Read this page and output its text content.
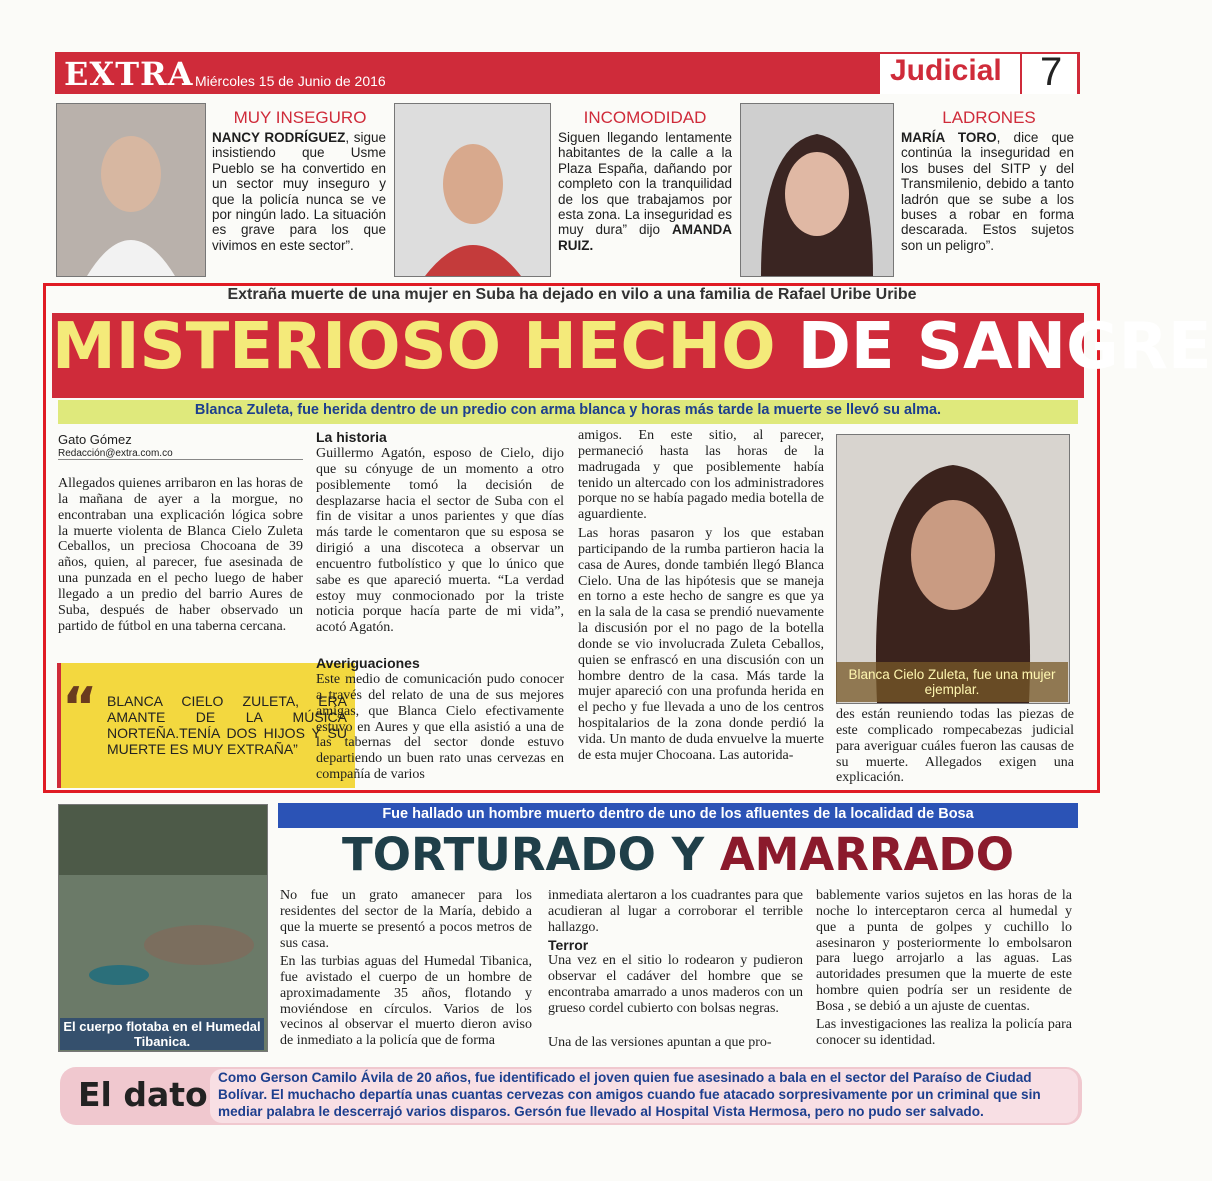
EXTRA Miércoles 15 de Junio de 2016	Judicial 7
MUY INSEGURO
NANCY RODRÍGUEZ, sigue insistiendo que Usme Pueblo se ha convertido en un sector muy inseguro y que la policía nunca se ve por ningún lado. La situación es grave para los que vivimos en este sector”.
INCOMODIDAD
Siguen llegando lentamente habitantes de la calle a la Plaza España, dañando por completo con la tranquilidad de los que trabajamos por esta zona. La inseguridad es muy dura” dijo AMANDA RUIZ.
LADRONES
MARÍA TORO, dice que continúa la inseguridad en los buses del SITP y del Transmilenio, debido a tanto ladrón que se sube a los buses a robar en forma descarada. Estos sujetos son un peligro”.
Extraña muerte de una mujer en Suba ha dejado en vilo a una familia de Rafael Uribe Uribe
MISTERIOSO HECHO DE SANGRE
Blanca Zuleta, fue herida dentro de un predio con arma blanca y horas más tarde la muerte se llevó su alma.
Gato Gómez
Redacción@extra.com.co
Allegados quienes arribaron en las horas de la mañana de ayer a la morgue, no encontraban una explicación lógica sobre la muerte violenta de Blanca Cielo Zuleta Ceballos, un preciosa Chocoana de 39 años, quien, al parecer, fue asesinada de una punzada en el pecho luego de haber llegado a un predio del barrio Aures de Suba, después de haber observado un partido de fútbol en una taberna cercana.
“ BLANCA CIELO ZULETA, ERA AMANTE DE LA MÚSICA NORTEÑA.TENÍA DOS HIJOS Y SU MUERTE ES MUY EXTRAÑA”
La historia
Guillermo Agatón, esposo de Cielo, dijo que su cónyuge de un momento a otro posiblemente tomó la decisión de desplazarse hacia el sector de Suba con el fin de visitar a unos parientes y que días más tarde le comentaron que su esposa se dirigió a una discoteca a observar un encuentro futbolístico y que lo único que sabe es que apareció muerta. “La verdad estoy muy conmocionado por la triste noticia porque hacía parte de mi vida”, acotó Agatón.
Averiguaciones
Este medio de comunicación pudo conocer a través del relato de una de sus mejores amigas, que Blanca Cielo efectivamente estuvo en Aures y que ella asistió a una de las tabernas del sector donde estuvo departiendo un buen rato unas cervezas en compañía de varios
amigos. En este sitio, al parecer, permaneció hasta las horas de la madrugada y que posiblemente había tenido un altercado con los administradores porque no se había pagado media botella de aguardiente.
Las horas pasaron y los que estaban participando de la rumba partieron hacia la casa de Aures, donde también llegó Blanca Cielo. Una de las hipótesis que se maneja en torno a este hecho de sangre es que ya en la sala de la casa se prendió nuevamente la discusión por el no pago de la botella donde se vio involucrada Zuleta Ceballos, quien se enfrascó en una discusión con un hombre dentro de la casa. Más tarde la mujer apareció con una profunda herida en el pecho y fue llevada a uno de los centros hospitalarios de la zona donde perdió la vida. Un manto de duda envuelve la muerte de esta mujer Chocoana. Las autorida-
Blanca Cielo Zuleta, fue una mujer ejemplar.
des están reuniendo todas las piezas de este complicado rompecabezas judicial para averiguar cuáles fueron las causas de su muerte. Allegados exigen una explicación.
El cuerpo flotaba en el Humedal Tibanica.
Fue hallado un hombre muerto dentro de uno de los afluentes de la localidad de Bosa
TORTURADO Y AMARRADO
No fue un grato amanecer para los residentes del sector de la María, debido a que la muerte se presentó a pocos metros de sus casa.
En las turbias aguas del Humedal Tibanica, fue avistado el cuerpo de un hombre de aproximadamente 35 años, flotando y moviéndose en círculos. Varios de los vecinos al observar el muerto dieron aviso de inmediato a la policía que de forma
inmediata alertaron a los cuadrantes para que acudieran al lugar a corroborar el terrible hallazgo.
Terror
Una vez en el sitio lo rodearon y pudieron observar el cadáver del hombre que se encontraba amarrado a unos maderos con un grueso cordel cubierto con bolsas negras.
Una de las versiones apuntan a que pro-
bablemente varios sujetos en las horas de la noche lo interceptaron cerca al humedal y que a punta de golpes y cuchillo lo asesinaron y posteriormente lo embolsaron para luego arrojarlo a las aguas. Las autoridades presumen que la muerte de este hombre quien podría ser un residente de Bosa , se debió a un ajuste de cuentas.
Las investigaciones las realiza la policía para conocer su identidad.
El dato Como Gerson Camilo Ávila de 20 años, fue identificado el joven quien fue asesinado a bala en el sector del Paraíso de Ciudad Bolívar. El muchacho departía unas cuantas cervezas con amigos cuando fue atacado sorpresivamente por un criminal que sin mediar palabra le descerrajó varios disparos. Gersón fue llevado al Hospital Vista Hermosa, pero no pudo ser salvado.
